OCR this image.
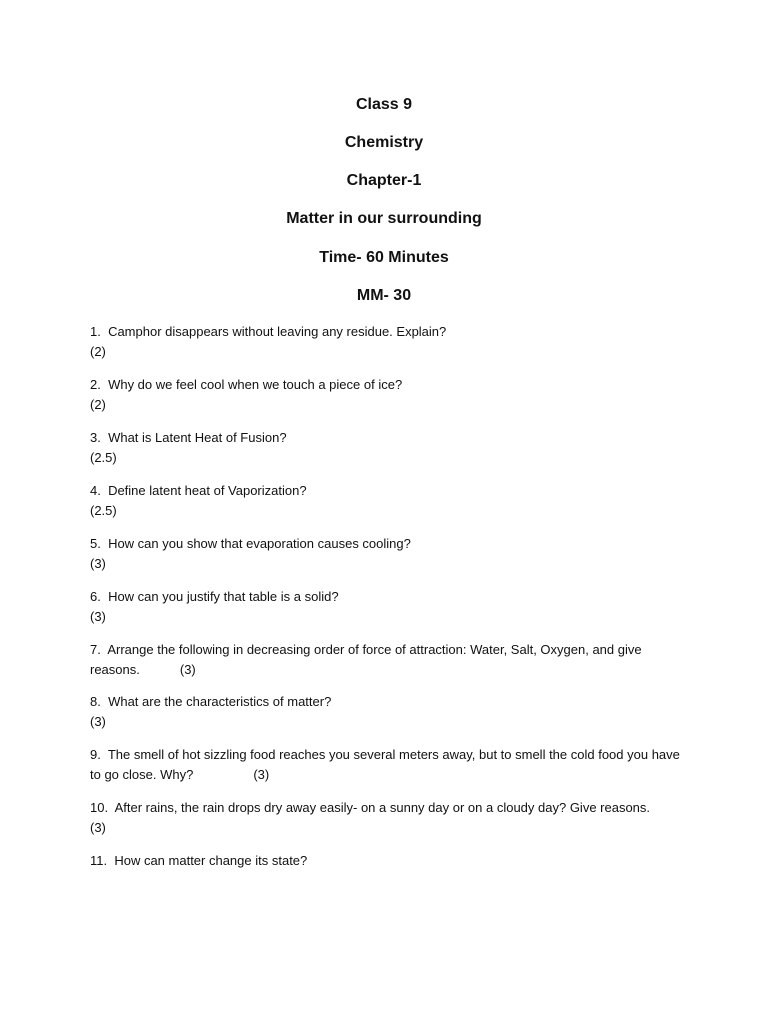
Class 9
Chemistry
Chapter-1
Matter in our surrounding
Time- 60 Minutes
MM- 30
1.  Camphor disappears without leaving any residue. Explain?
(2)
2.  Why do we feel cool when we touch a piece of ice?
(2)
3.  What is Latent Heat of Fusion?
(2.5)
4.  Define latent heat of Vaporization?
(2.5)
5.  How can you show that evaporation causes cooling?
(3)
6.  How can you justify that table is a solid?
(3)
7.  Arrange the following in decreasing order of force of attraction: Water, Salt, Oxygen, and give
reasons.	(3)
8.  What are the characteristics of matter?
(3)
9.  The smell of hot sizzling food reaches you several meters away, but to smell the cold food you have
to go close. Why?	(3)
10.  After rains, the rain drops dry away easily- on a sunny day or on a cloudy day? Give reasons.
(3)
11.  How can matter change its state?
